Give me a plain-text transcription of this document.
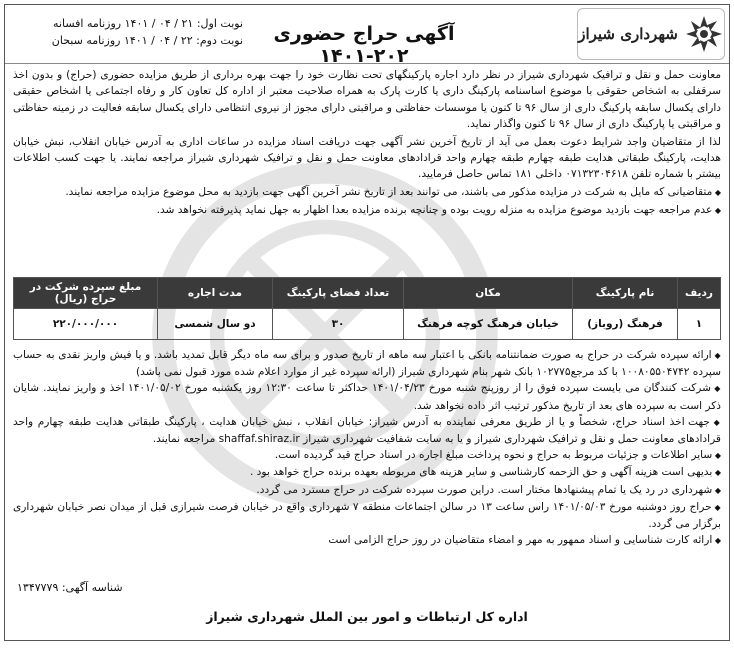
شهرداری شیراز
آگهی حراج حضوری ۲۰۲-۱۴۰۱
نوبت اول: ۲۱ / ۰۴ / ۱۴۰۱ روزنامه افسانه
نوبت دوم: ۲۲ / ۰۴ / ۱۴۰۱ روزنامه سبحان

معاونت حمل و نقل و ترافیک شهرداری شیراز در نظر دارد اجاره پارکینگهای تحت نظارت خود را جهت بهره برداری از طریق مزایده حضوری (حراج) و بدون اخذ سرقفلی به اشخاص حقوقی با موضوع اساسنامه پارکینگ داری یا کارت پارک به همراه صلاحیت معتبر از اداره کل تعاون کار و رفاه اجتماعی یا اشخاص حقیقی دارای یکسال سابقه پارکینگ داری از سال ۹۶ تا کنون یا موسسات حفاظتی و مراقبتی دارای مجوز از نیروی انتظامی دارای یکسال سابقه فعالیت در زمینه حفاظتی و مراقبتی یا پارکینگ داری از سال ۹۶ تا کنون واگذار نماید.

لذا از متقاضیان واجد شرایط دعوت بعمل می آید از تاریخ آخرین نشر آگهی جهت دریافت اسناد مزایده در ساعات اداری به آدرس خیابان انقلاب، نبش خیابان هدایت، پارکینگ طبقاتی هدایت طبقه چهارم طبقه چهارم واحد قرادادهای معاونت حمل و نقل و ترافیک شهرداری شیراز مراجعه نمایند. یا جهت کسب اطلاعات بیشتر با شماره تلفن ۰۷۱۳۲۳۰۴۶۱۸ داخلی ۱۸۱ تماس حاصل فرمایید.

◆ متقاضیانی که مایل به شرکت در مزایده مذکور می باشند، می توانند بعد از تاریخ نشر آخرین آگهی جهت بازدید به محل موضوع مزایده مراجعه نمایند.

◆ عدم مراجعه جهت بازدید موضوع مزایده به منزله رویت بوده و چنانچه برنده مزایده بعدا اظهار به جهل نماید پذیرفته نخواهد شد.

ردیف	نام پارکینگ	مکان	تعداد فضای پارکینگ	مدت اجاره	مبلغ سپرده شرکت در حراج (ریال)
۱	فرهنگ (روباز)	خیابان فرهنگ کوچه فرهنگ	۳۰	دو سال شمسی	۲۲۰/۰۰۰/۰۰۰

◆ ارائه سپرده شرکت در حراج به صورت ضمانتنامه بانکی با اعتبار سه ماهه از تاریخ صدور و برای سه ماه دیگر قابل تمدید باشد. و یا فیش واریز نقدی به حساب سپرده ۱۰۰۸۰۵۵۰۴۷۴۲ با کد مرجع۱۰۲۷۷۵ بانک شهر بنام شهرداری شیراز (ارائه سپرده غیر از موارد اعلام شده مورد قبول نمی باشد)

◆ شرکت کنندگان می بایست سپرده فوق را از روزپنج شنبه مورخ ۱۴۰۱/۰۴/۲۳ حداکثر تا ساعت ۱۲:۳۰ روز یکشنبه مورخ ۱۴۰۱/۰۵/۰۲ اخذ و واریز نمایند. شایان ذکر است به سپرده های بعد از تاریخ مذکور ترتیب اثر داده نخواهد شد.

◆ جهت اخذ اسناد حراج، شخصاً و یا از طریق معرفی نماینده به آدرس شیراز: خیابان انقلاب ، نبش خیابان هدایت ، پارکینگ طبقاتی هدایت طبقه چهارم واحد قرادادهای معاونت حمل و نقل و ترافیک شهرداری شیراز و یا به سایت شفافیت شهرداری شیراز shaffaf.shiraz.ir مراجعه نمایند.

◆ سایر اطلاعات و جزئیات مربوط به حراج و نحوه پرداخت مبلغ اجاره در اسناد حراج قید گردیده است.

◆ بدیهی است هزینه آگهی و حق الزحمه کارشناسی و سایر هزینه های مربوطه بعهده برنده حراج خواهد بود .

◆ شهرداری در رد یک یا تمام پیشنهادها مختار است. دراین صورت سپرده شرکت در حراج مسترد می گردد.

◆ حراج روز دوشنبه مورخ ۱۴۰۱/۰۵/۰۳ راس ساعت ۱۳ در سالن اجتماعات منطقه ۷ شهرداری واقع در خیابان فرصت شیرازی قبل از میدان نصر خیابان شهرداری برگزار می گردد.

◆ ارائه کارت شناسایی و اسناد ممهور به مهر و امضاء متقاضیان در روز حراج الزامی است

شناسه آگهی: ۱۳۴۷۷۷۹
اداره کل ارتباطات و امور بین الملل شهرداری شیراز
